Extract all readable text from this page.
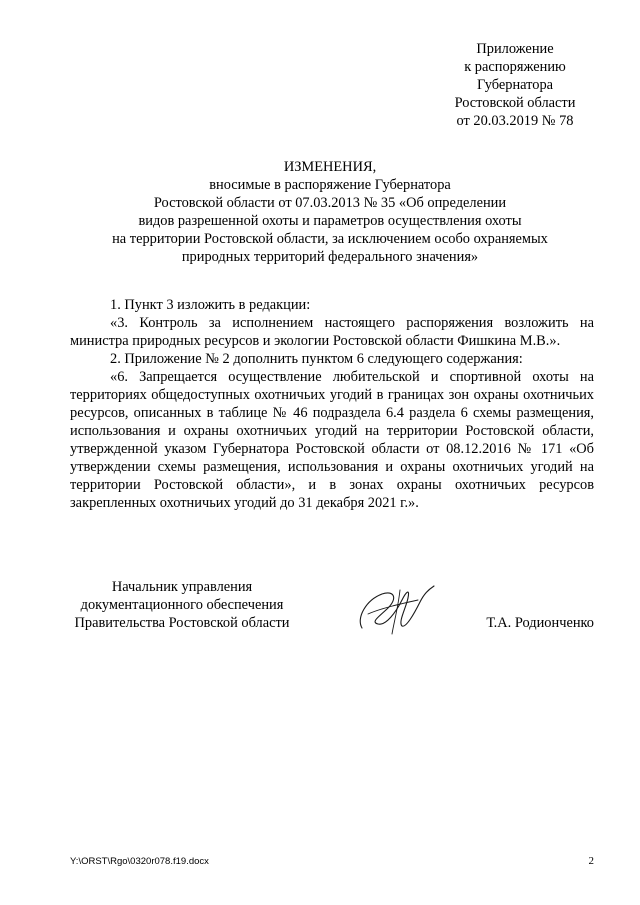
Приложение
к распоряжению
Губернатора
Ростовской области
от 20.03.2019 № 78
ИЗМЕНЕНИЯ,
вносимые в распоряжение Губернатора
Ростовской области от 07.03.2013 № 35 «Об определении
видов разрешенной охоты и параметров осуществления охоты
на территории Ростовской области, за исключением особо охраняемых
природных территорий федерального значения»

1. Пункт 3 изложить в редакции:

«3. Контроль за исполнением настоящего распоряжения возложить на министра природных ресурсов и экологии Ростовской области Фишкина М.В.».

2. Приложение № 2 дополнить пунктом 6 следующего содержания:

«6. Запрещается осуществление любительской и спортивной охоты на территориях общедоступных охотничьих угодий в границах зон охраны охотничьих ресурсов, описанных в таблице № 46 подраздела 6.4 раздела 6 схемы размещения, использования и охраны охотничьих угодий на территории Ростовской области, утвержденной указом Губернатора Ростовской области от 08.12.2016 № 171 «Об утверждении схемы размещения, использования и охраны охотничьих угодий на территории Ростовской области», и в зонах охраны охотничьих ресурсов закрепленных охотничьих угодий до 31 декабря 2021 г.».

Начальник управления
документационного обеспечения
Правительства Ростовской области	Т.А. Родионченко
Y:\ORST\Rgo\0320r078.f19.docx	2
